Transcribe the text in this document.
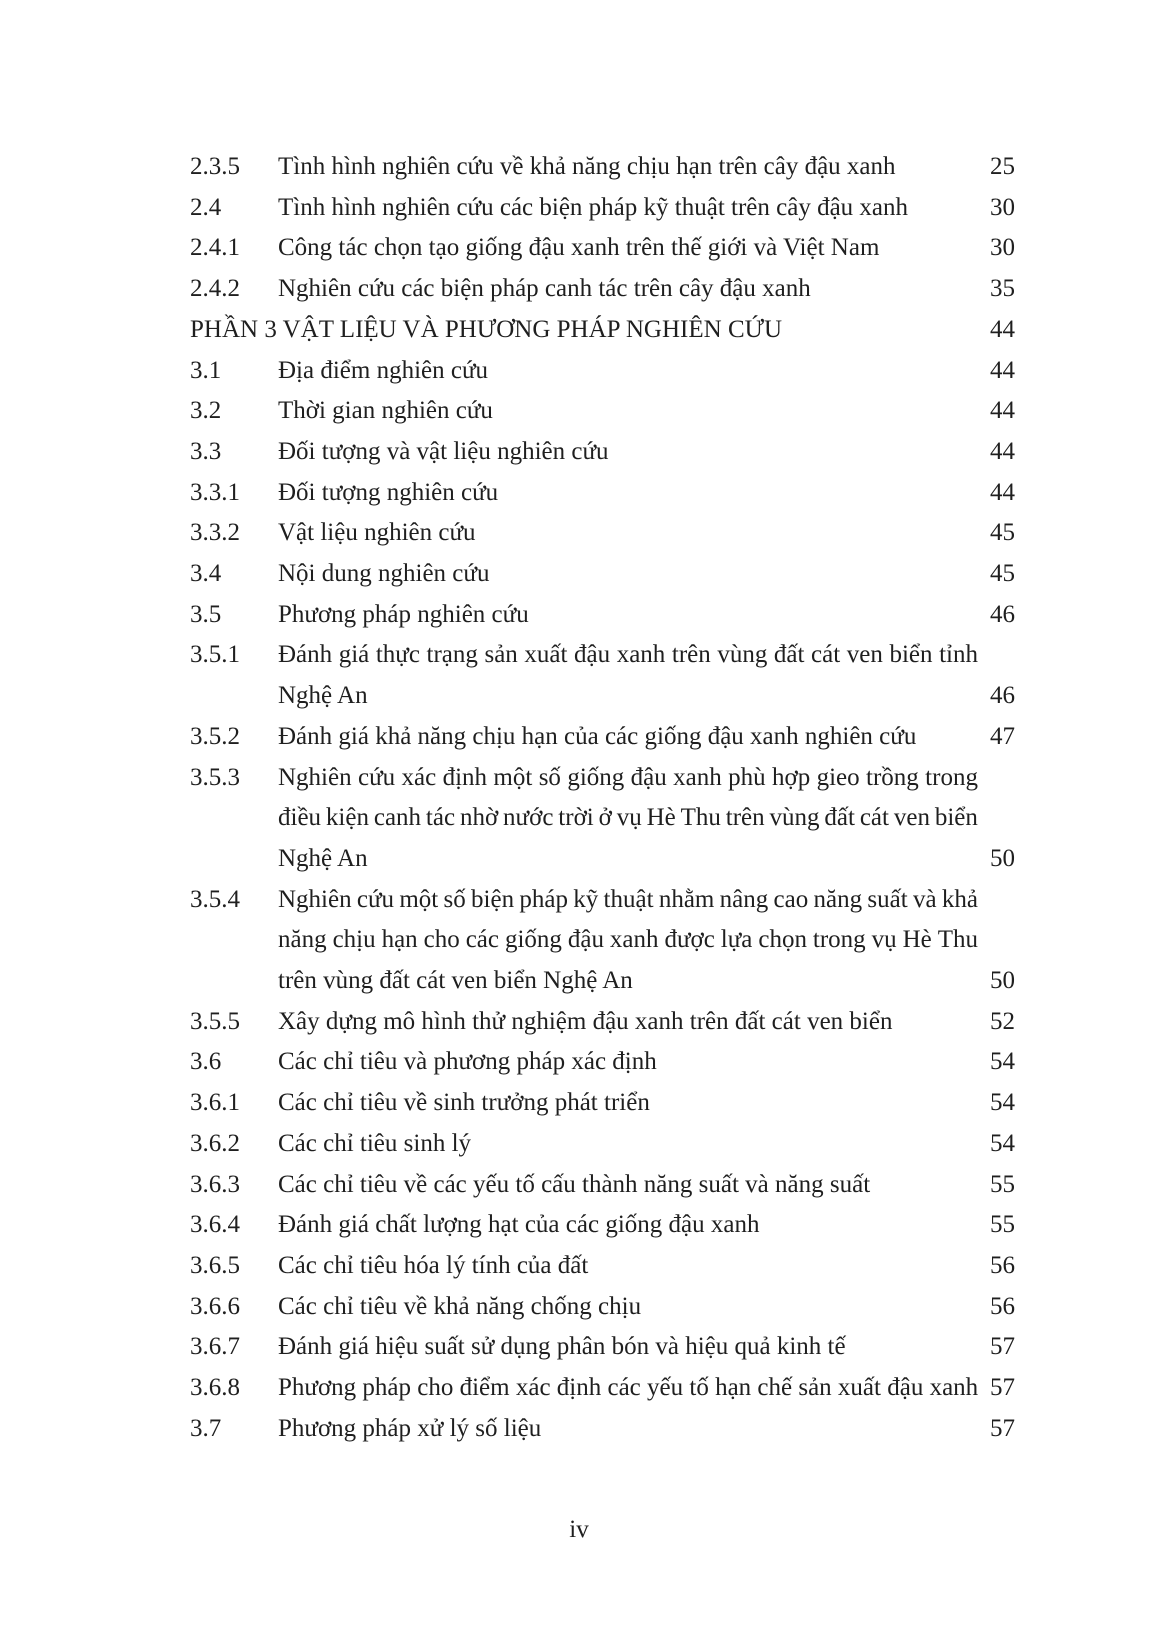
2.3.5	Tình hình nghiên cứu về khả năng chịu hạn trên cây đậu xanh	25
2.4	Tình hình nghiên cứu các biện pháp kỹ thuật trên cây đậu xanh	30
2.4.1	Công tác chọn tạo giống đậu xanh trên thế giới và Việt Nam	30
2.4.2	Nghiên cứu các biện pháp canh tác trên cây đậu xanh	35
PHẦN 3 VẬT LIỆU VÀ PHƯƠNG PHÁP NGHIÊN CỨU	44
3.1	Địa điểm nghiên cứu	44
3.2	Thời gian nghiên cứu	44
3.3	Đối tượng và vật liệu nghiên cứu	44
3.3.1	Đối tượng nghiên cứu	44
3.3.2	Vật liệu nghiên cứu	45
3.4	Nội dung nghiên cứu	45
3.5	Phương pháp nghiên cứu	46
3.5.1	Đánh giá thực trạng sản xuất đậu xanh trên vùng đất cát ven biển tỉnh
Nghệ An	46
3.5.2	Đánh giá khả năng chịu hạn của các giống đậu xanh nghiên cứu	47
3.5.3	Nghiên cứu xác định một số giống đậu xanh phù hợp gieo trồng trong
điều kiện canh tác nhờ nước trời ở vụ Hè Thu trên vùng đất cát ven biển
Nghệ An	50
3.5.4	Nghiên cứu một số biện pháp kỹ thuật nhằm nâng cao năng suất và khả
năng chịu hạn cho các giống đậu xanh được lựa chọn trong vụ Hè Thu
trên vùng đất cát ven biển Nghệ An	50
3.5.5	Xây dựng mô hình thử nghiệm đậu xanh trên đất cát ven biển	52
3.6	Các chỉ tiêu và phương pháp xác định	54
3.6.1	Các chỉ tiêu về sinh trưởng phát triển	54
3.6.2	Các chỉ tiêu sinh lý	54
3.6.3	Các chỉ tiêu về các yếu tố cấu thành năng suất và năng suất	55
3.6.4	Đánh giá chất lượng hạt của các giống đậu xanh	55
3.6.5	Các chỉ tiêu hóa lý tính của đất	56
3.6.6	Các chỉ tiêu về khả năng chống chịu	56
3.6.7	Đánh giá hiệu suất sử dụng phân bón và hiệu quả kinh tế	57
3.6.8	Phương pháp cho điểm xác định các yếu tố hạn chế sản xuất đậu xanh 57
3.7	Phương pháp xử lý số liệu	57
iv
